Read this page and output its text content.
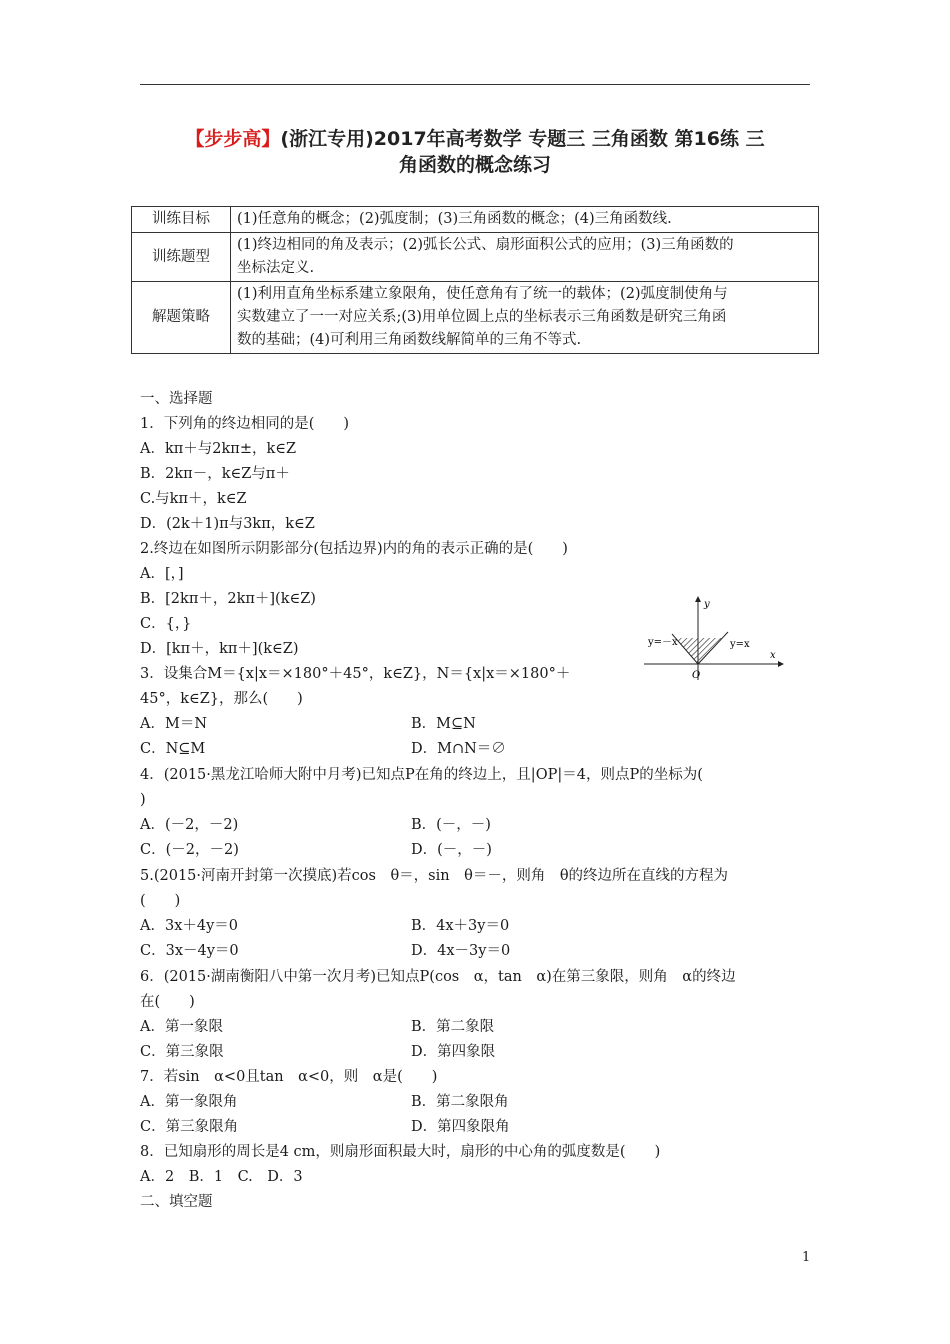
【步步高】(浙江专用)2017年高考数学 专题三 三角函数 第16练 三
角函数的概念练习
训练目标	(1)任意角的概念；(2)弧度制；(3)三角函数的概念；(4)三角函数线.
训练题型	(1)终边相同的角及表示；(2)弧长公式、扇形面积公式的应用；(3)三角函数的
坐标法定义.
解题策略	(1)利用直角坐标系建立象限角，使任意角有了统一的载体；(2)弧度制使角与
实数建立了一一对应关系;(3)用单位圆上点的坐标表示三角函数是研究三角函
数的基础；(4)可利用三角函数线解简单的三角不等式.
一、选择题
1．下列角的终边相同的是(　　)
A．kπ＋与2kπ±，k∈Z
B．2kπ－，k∈Z与π＋
C.与kπ＋，k∈Z
D．(2k＋1)π与3kπ，k∈Z
2.终边在如图所示阴影部分(包括边界)内的角的表示正确的是(　　)
A．[，]
B．[2kπ＋，2kπ＋](k∈Z)
C．{，}
D．[kπ＋，kπ＋](k∈Z)
y
x
O
y=－x	y=x
3．设集合M＝{x|x＝×180°＋45°，k∈Z}，N＝{x|x＝×180°＋
45°，k∈Z}，那么(　　)
A．M＝N	B．M⊆N
C．N⊆M	D．M∩N＝∅
4．(2015·黑龙江哈师大附中月考)已知点P在角的终边上，且|OP|＝4，则点P的坐标为(
)
A．(－2，－2)	B．(－，－)
C．(－2，－2)	D．(－，－)
5.(2015·河南开封第一次摸底)若cos　θ＝，sin　θ＝－，则角　θ的终边所在直线的方程为
(　　)
A．3x＋4y＝0	B．4x＋3y＝0
C．3x－4y＝0	D．4x－3y＝0
6．(2015·湖南衡阳八中第一次月考)已知点P(cos　α，tan　α)在第三象限，则角　α的终边
在(　　)
A．第一象限	B．第二象限
C．第三象限	D．第四象限
7．若sin　α<0且tan　α<0，则　α是(　　)
A．第一象限角	B．第二象限角
C．第三象限角	D．第四象限角
8．已知扇形的周长是4 cm，则扇形面积最大时，扇形的中心角的弧度数是(　　)
A．2　B．1　C.　D．3
二、填空题
1
